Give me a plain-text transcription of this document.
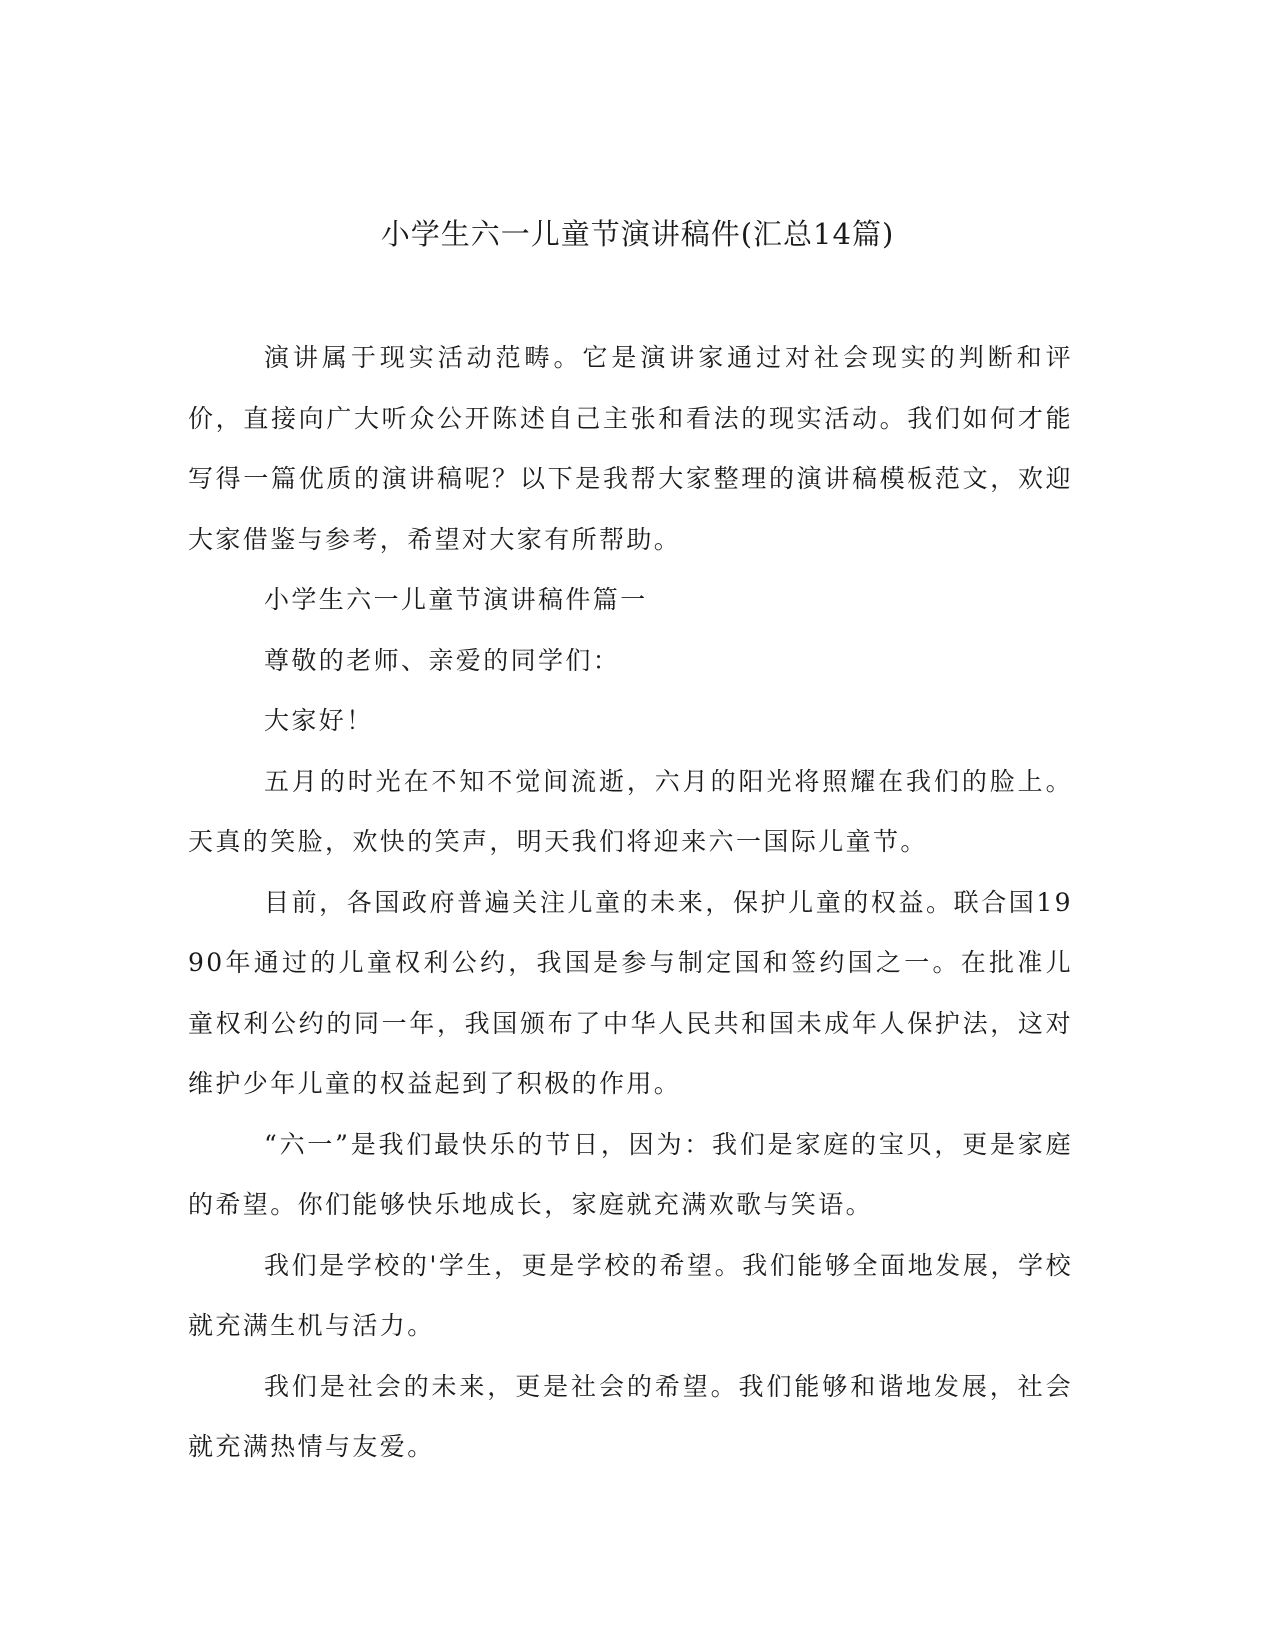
小学生六一儿童节演讲稿件(汇总14篇)

演讲属于现实活动范畴。它是演讲家通过对社会现实的判断和评价，直接向广大听众公开陈述自己主张和看法的现实活动。我们如何才能写得一篇优质的演讲稿呢？以下是我帮大家整理的演讲稿模板范文，欢迎大家借鉴与参考，希望对大家有所帮助。

小学生六一儿童节演讲稿件篇一

尊敬的老师、亲爱的同学们：

大家好！

五月的时光在不知不觉间流逝，六月的阳光将照耀在我们的脸上。天真的笑脸，欢快的笑声，明天我们将迎来六一国际儿童节。

目前，各国政府普遍关注儿童的未来，保护儿童的权益。联合国1990年通过的儿童权利公约，我国是参与制定国和签约国之一。在批准儿童权利公约的同一年，我国颁布了中华人民共和国未成年人保护法，这对维护少年儿童的权益起到了积极的作用。

“六一”是我们最快乐的节日，因为：我们是家庭的宝贝，更是家庭的希望。你们能够快乐地成长，家庭就充满欢歌与笑语。

我们是学校的'学生，更是学校的希望。我们能够全面地发展，学校就充满生机与活力。

我们是社会的未来，更是社会的希望。我们能够和谐地发展，社会就充满热情与友爱。
